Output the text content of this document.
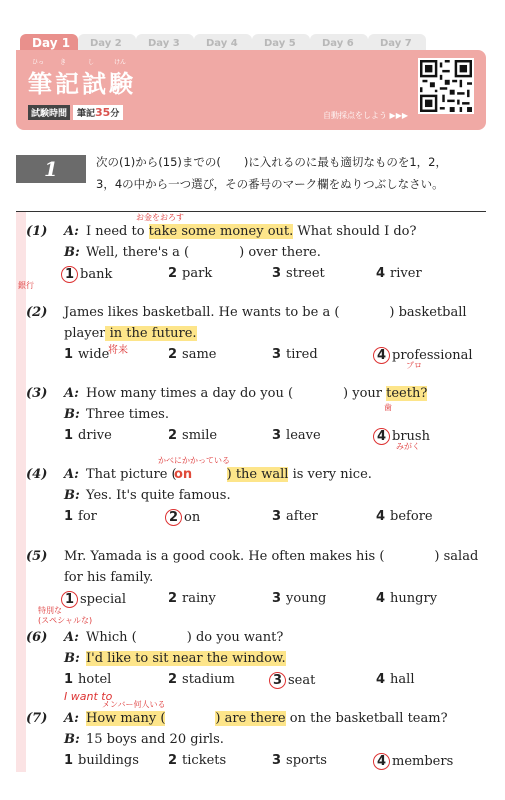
Day 1	Day 2	Day 3	Day 4	Day 5	Day 6	Day 7
ひっ	き	し	けん
筆記試験
試験時間	筆記35分	自動採点をしよう ▶▶▶
1	次の(1)から(15)までの(　　)に入れるのに最も適切なものを1，2，
3，4の中から一つ選び，その番号のマーク欄をぬりつぶしなさい。
(1) A: I need to take some money out. What should I do?
B: Well, there's a (	) over there.
1 bank	2 park	3 street	4 river
お金をおろす
銀行
(2) James likes basketball. He wants to be a (	) basketball
player in the future.
1 wide	2 same	3 tired	4 professional
将来
プロ
(3) A: How many times a day do you (	) your teeth?
B: Three times.
1 drive	2 smile	3 leave	4 brush
歯
みがく
(4) A: That picture (	) the wall is very nice.
B: Yes. It's quite famous.
1 for	2 on	3 after	4 before
かべにかかっている
on
(5) Mr. Yamada is a good cook. He often makes his (	) salad
for his family.
1 special	2 rainy	3 young	4 hungry
特別な
(スペシャルな)
(6) A: Which (	) do you want?
B: I'd like to sit near the window.
1 hotel	2 stadium	3 seat	4 hall
I want to
(7) A: How many (	) are there on the basketball team?
B: 15 boys and 20 girls.
1 buildings 2 tickets	3 sports	4 members
メンバー何人いる
